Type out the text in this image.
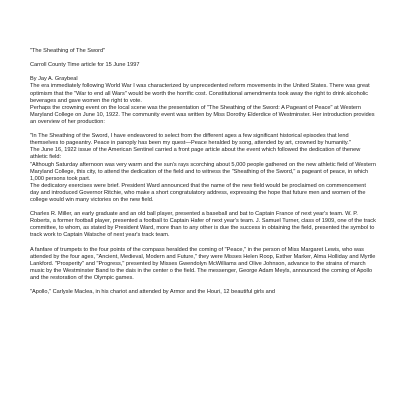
"The Sheathing of The Sword"

Carroll County Time article for 15 June 1997

By Jay A. Graybeal

The era immediately following World War I was characterized by unprecedented reform movements in the United States. There was great optimism that the "War to end all Wars" would be worth the horrific cost. Constitutional amendments took away the right to drink alcoholic beverages and gave women the right to vote.

Perhaps the crowning event on the local scene was the presentation of "The Sheathing of the Sword: A Pageant of Peace" at Western Maryland College on June 10, 1922. The community event was written by Miss Dorothy Elderdice of Westminster. Her introduction provides an overview of her production:

"In The Sheathing of the Sword, I have endeavored to select from the different ages a few significant historical episodes that lend themselves to pageantry. Peace in panoply has been my quest—Peace heralded by song, attended by art, crowned by humanity."

The June 16, 1922 issue of the American Sentinel carried a front page article about the event which followed the dedication of thenew athletic field:

"Although Saturday afternoon was very warm and the sun's rays scorching about 5,000 people gathered on the new athletic field of Western Maryland College, this city, to attend the dedication of the field and to witness the "Sheathing of the Sword," a pageant of peace, in which 1,000 persons took part.

The dedicatory exercises were brief. President Ward announced that the name of the new field would be proclaimed on commencement day and introduced Governor Ritchie, who make a short congratulatory address, expressing the hope that future men and women of the college would win many victories on the new field.

Charles R. Miller, an early graduate and an old ball player, presented a baseball and bat to Captain France of next year's team. W. P. Roberts, a former football player, presented a football to Captain Hafer of next year's team. J. Samuel Turner, class of 1909, one of the track committee, to whom, as stated by President Ward, more than to any other is due the success in obtaining the field, presented the symbol to track work to Captain Watsche of next year's track team.

A fanfare of trumpets to the four points of the compass heralded the coming of "Peace," in the person of Miss Margaret Lewis, who was attended by the four ages, "Ancient, Medieval, Modern and Future," they were Misses Helen Roop, Esther Marker, Alma Holliday and Myrtle Lankford. "Prosperity" and "Progress," presented by Misses Gwendolyn McWilliams and Olive Johnson, advance to the strains of march music by the Westminster Band to the dais in the center o the field. The messenger, George Adam Meyls, announced the coming of Apollo and the restoration of the Olympic games.

"Apollo," Carlysle Maclea, in his chariot and attended by Armor and the Houri, 12 beautiful girls and
